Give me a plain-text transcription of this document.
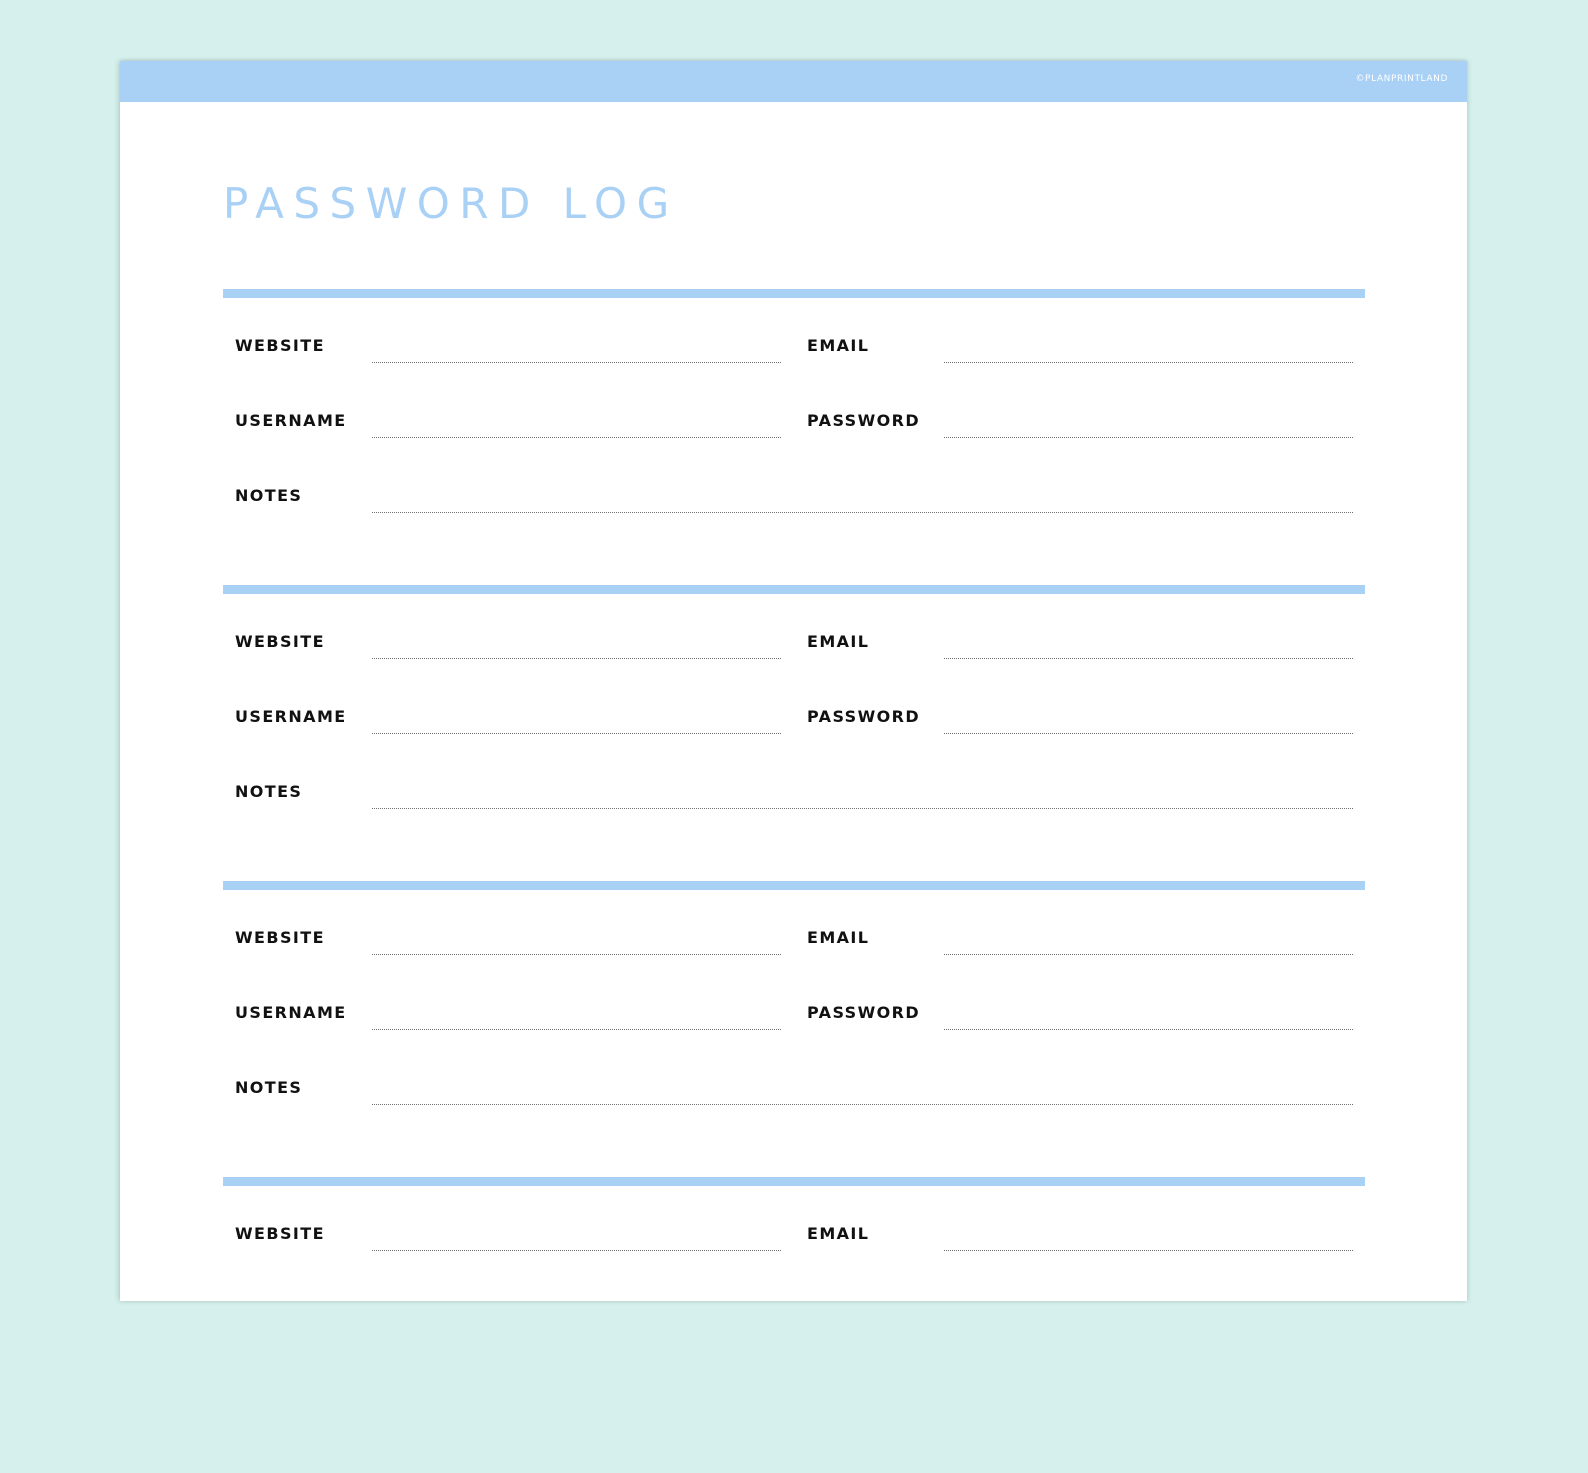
©PLANPRINTLAND
PASSWORD LOG
WEBSITE	EMAIL
USERNAME	PASSWORD
NOTES
WEBSITE	EMAIL
USERNAME	PASSWORD
NOTES
WEBSITE	EMAIL
USERNAME	PASSWORD
NOTES
WEBSITE	EMAIL
